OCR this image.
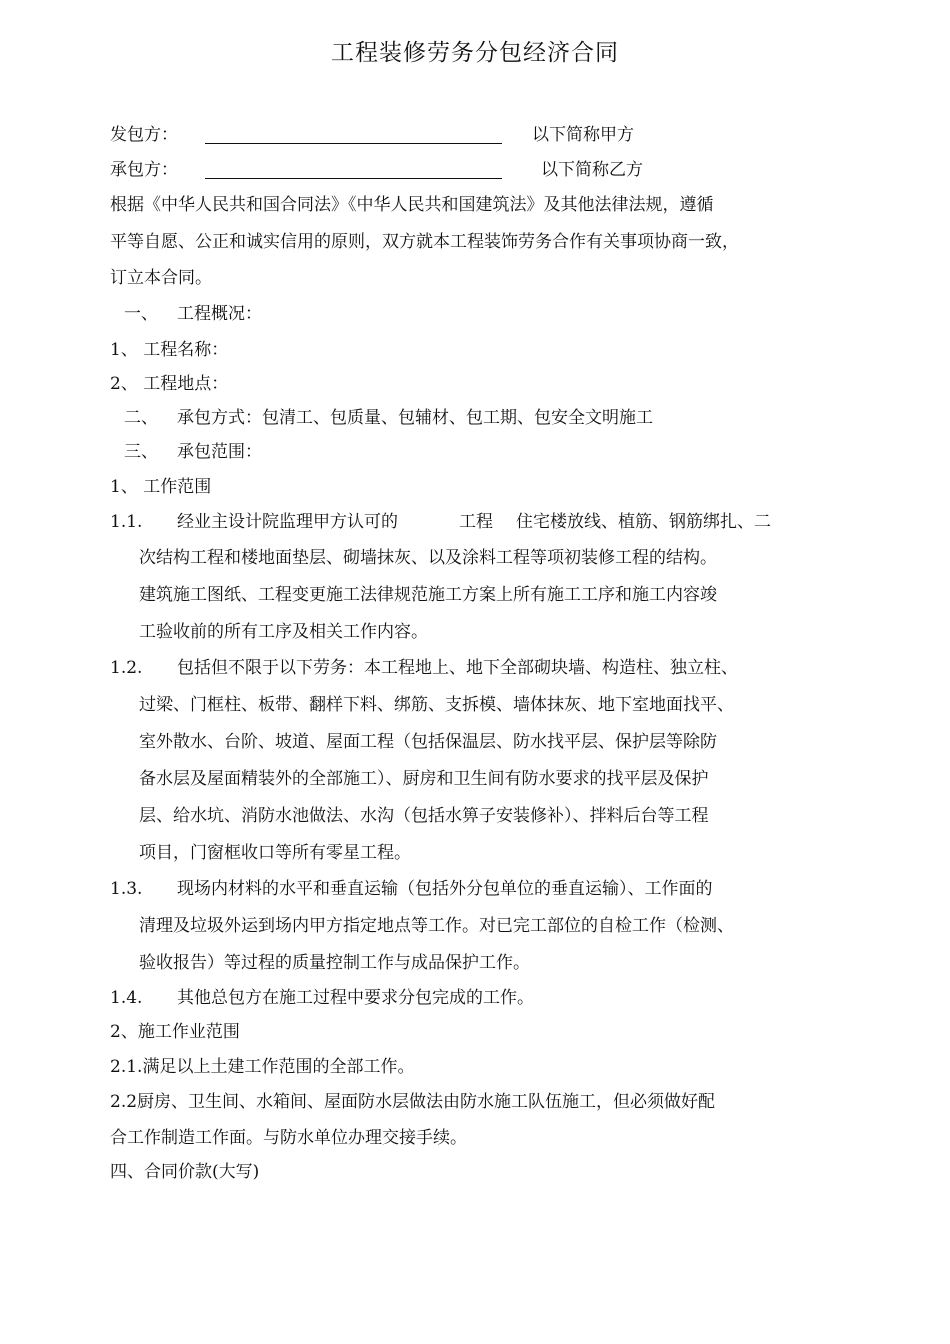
工程装修劳务分包经济合同
发包方：	以下简称甲方
承包方：	以下简称乙方
根据《中华人民共和国合同法》《中华人民共和国建筑法》及其他法律法规，遵循
平等自愿、公正和诚实信用的原则，双方就本工程装饰劳务合作有关事项协商一致，
订立本合同。
一、 工程概况：
1、 工程名称：
2、 工程地点：
二、 承包方式：包清工、包质量、包辅材、包工期、包安全文明施工
三、 承包范围：
1、 工作范围
1.1. 经业主设计院监理甲方认可的	工程 住宅楼放线、植筋、钢筋绑扎、二
次结构工程和楼地面垫层、砌墙抹灰、以及涂料工程等项初装修工程的结构。
建筑施工图纸、工程变更施工法律规范施工方案上所有施工工序和施工内容竣
工验收前的所有工序及相关工作内容。
1.2. 包括但不限于以下劳务：本工程地上、地下全部砌块墙、构造柱、独立柱、
过梁、门框柱、板带、翻样下料、绑筋、支拆模、墙体抹灰、地下室地面找平、
室外散水、台阶、坡道、屋面工程（包括保温层、防水找平层、保护层等除防
备水层及屋面精装外的全部施工）、厨房和卫生间有防水要求的找平层及保护
层、给水坑、消防水池做法、水沟（包括水箅子安装修补）、拌料后台等工程
项目，门窗框收口等所有零星工程。
1.3. 现场内材料的水平和垂直运输（包括外分包单位的垂直运输）、工作面的
清理及垃圾外运到场内甲方指定地点等工作。对已完工部位的自检工作（检测、
验收报告）等过程的质量控制工作与成品保护工作。
1.4. 其他总包方在施工过程中要求分包完成的工作。
2、施工作业范围
2.1.满足以上土建工作范围的全部工作。
2.2厨房、卫生间、水箱间、屋面防水层做法由防水施工队伍施工，但必须做好配
合工作制造工作面。与防水单位办理交接手续。
四、合同价款(大写)
